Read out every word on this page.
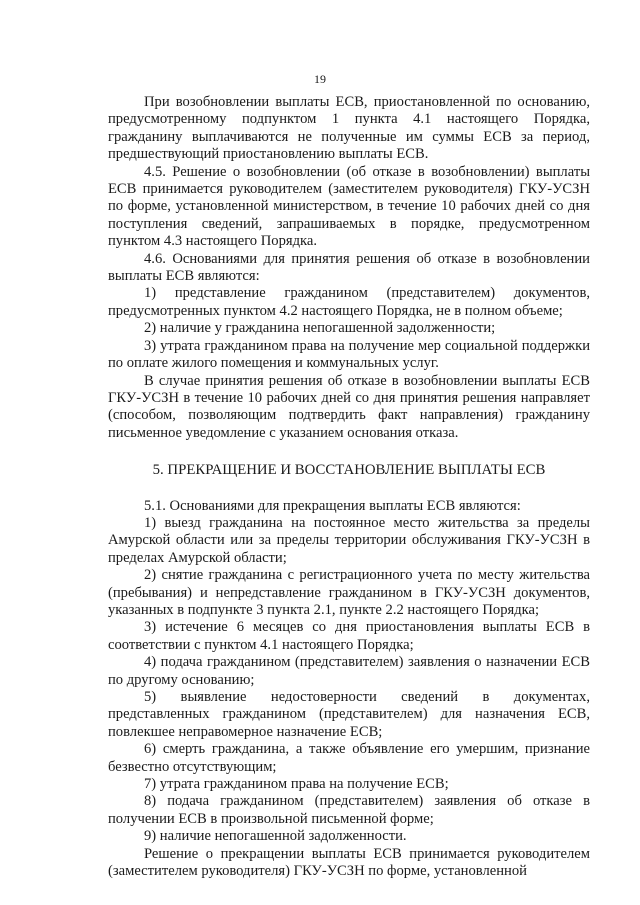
19

При возобновлении выплаты ЕСВ, приостановленной по основанию, предусмотренному подпунктом 1 пункта 4.1 настоящего Порядка, гражданину выплачиваются не полученные им суммы ЕСВ за период, предшествующий приостановлению выплаты ЕСВ.

4.5. Решение о возобновлении (об отказе в возобновлении) выплаты ЕСВ принимается руководителем (заместителем руководителя) ГКУ-УСЗН по форме, установленной министерством, в течение 10 рабочих дней со дня поступления сведений, запрашиваемых в порядке, предусмотренном пунктом 4.3 настоящего Порядка.

4.6. Основаниями для принятия решения об отказе в возобновлении выплаты ЕСВ являются:

1) представление гражданином (представителем) документов, предусмотренных пунктом 4.2 настоящего Порядка, не в полном объеме;

2) наличие у гражданина непогашенной задолженности;

3) утрата гражданином права на получение мер социальной поддержки по оплате жилого помещения и коммунальных услуг.

В случае принятия решения об отказе в возобновлении выплаты ЕСВ ГКУ-УСЗН в течение 10 рабочих дней со дня принятия решения направляет (способом, позволяющим подтвердить факт направления) гражданину письменное уведомление с указанием основания отказа.

5. ПРЕКРАЩЕНИЕ И ВОССТАНОВЛЕНИЕ ВЫПЛАТЫ ЕСВ

5.1. Основаниями для прекращения выплаты ЕСВ являются:

1) выезд гражданина на постоянное место жительства за пределы Амурской области или за пределы территории обслуживания ГКУ-УСЗН в пределах Амурской области;

2) снятие гражданина с регистрационного учета по месту жительства (пребывания) и непредставление гражданином в ГКУ-УСЗН документов, указанных в подпункте 3 пункта 2.1, пункте 2.2 настоящего Порядка;

3) истечение 6 месяцев со дня приостановления выплаты ЕСВ в соответствии с пунктом 4.1 настоящего Порядка;

4) подача гражданином (представителем) заявления о назначении ЕСВ по другому основанию;

5) выявление недостоверности сведений в документах, представленных гражданином (представителем) для назначения ЕСВ, повлекшее неправомерное назначение ЕСВ;

6) смерть гражданина, а также объявление его умершим, признание безвестно отсутствующим;

7) утрата гражданином права на получение ЕСВ;

8) подача гражданином (представителем) заявления об отказе в получении ЕСВ в произвольной письменной форме;

9) наличие непогашенной задолженности.

Решение о прекращении выплаты ЕСВ принимается руководителем (заместителем руководителя) ГКУ-УСЗН по форме, установленной
